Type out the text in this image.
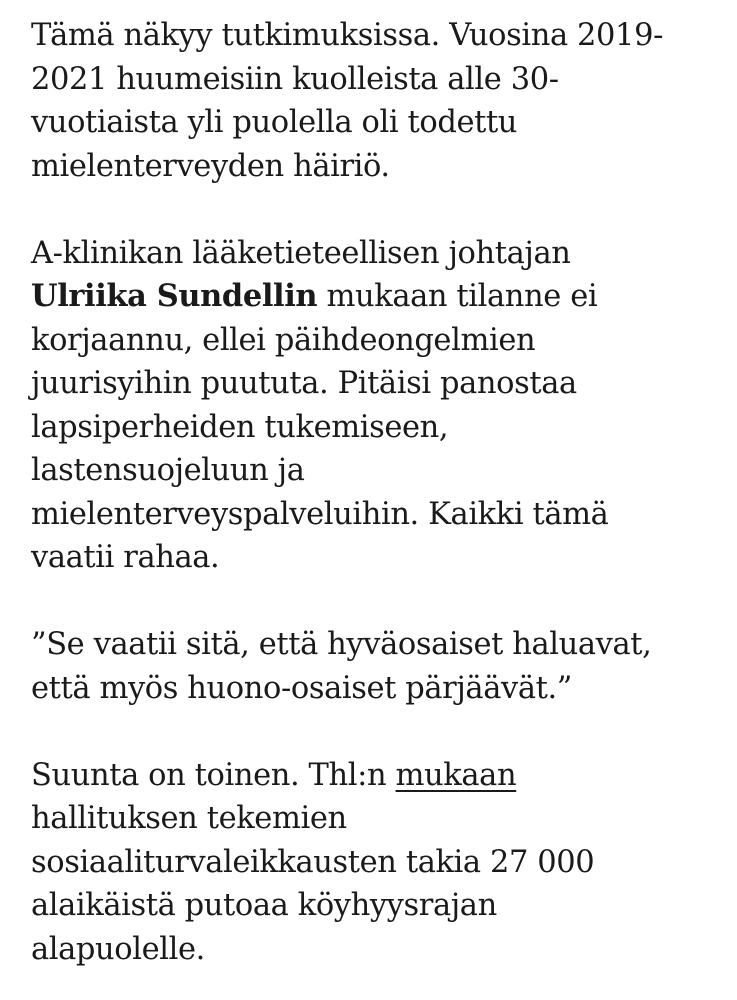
Tämä näkyy tutkimuksissa. Vuosina 2019-
2021 huumeisiin kuolleista alle 30-
vuotiaista yli puolella oli todettu
mielenterveyden häiriö.

A-klinikan lääketieteellisen johtajan
Ulriika Sundellin mukaan tilanne ei
korjaannu, ellei päihdeongelmien
juurisyihin puututa. Pitäisi panostaa
lapsiperheiden tukemiseen,
lastensuojeluun ja
mielenterveyspalveluihin. Kaikki tämä
vaatii rahaa.

”Se vaatii sitä, että hyväosaiset haluavat,
että myös huono-osaiset pärjäävät.”

Suunta on toinen. Thl:n mukaan
hallituksen tekemien
sosiaaliturvaleikkausten takia 27 000
alaikäistä putoaa köyhyysrajan
alapuolelle.
